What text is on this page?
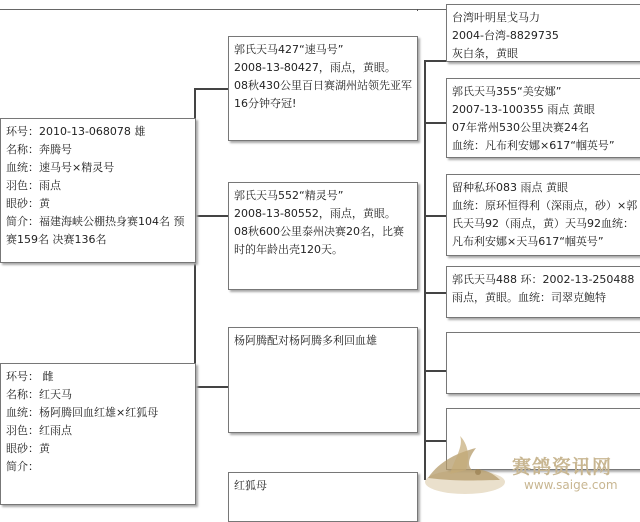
环号：2010-13-068078 雄
名称：奔腾号
血统：速马号×精灵号
羽色：雨点
眼砂：黄
简介：福建海峡公棚热身赛104名 预赛159名 决赛136名
环号： 雌
名称：红天马
血统：杨阿腾回血红雄×红狐母
羽色：红雨点
眼砂：黄
简介：
郭氏天马427“速马号”
2008-13-80427，雨点，黄眼。
08秋430公里百日赛湖州站领先亚军16分钟夺冠!
郭氏天马552“精灵号”
2008-13-80552，雨点，黄眼。
08秋600公里泰州决赛20名，比赛时的年龄出壳120天。
杨阿腾配对杨阿腾多利回血雄
红狐母
台湾叶明星戈马力
2004-台湾-8829735
灰白条，黄眼
郭氏天马355“美安娜”
2007-13-100355 雨点 黄眼
07年常州530公里决赛24名
血统：凡布利安娜×617“帼英号”
留种私环083 雨点 黄眼
血统：原环恒得利（深雨点，砂）×郭氏天马92（雨点，黄）天马92血统：凡布利安娜×天马617“帼英号”
郭氏天马488 环：2002-13-250488
雨点，黄眼。血统：司翠克鲍特
赛鸽资讯网
www.saige.com
